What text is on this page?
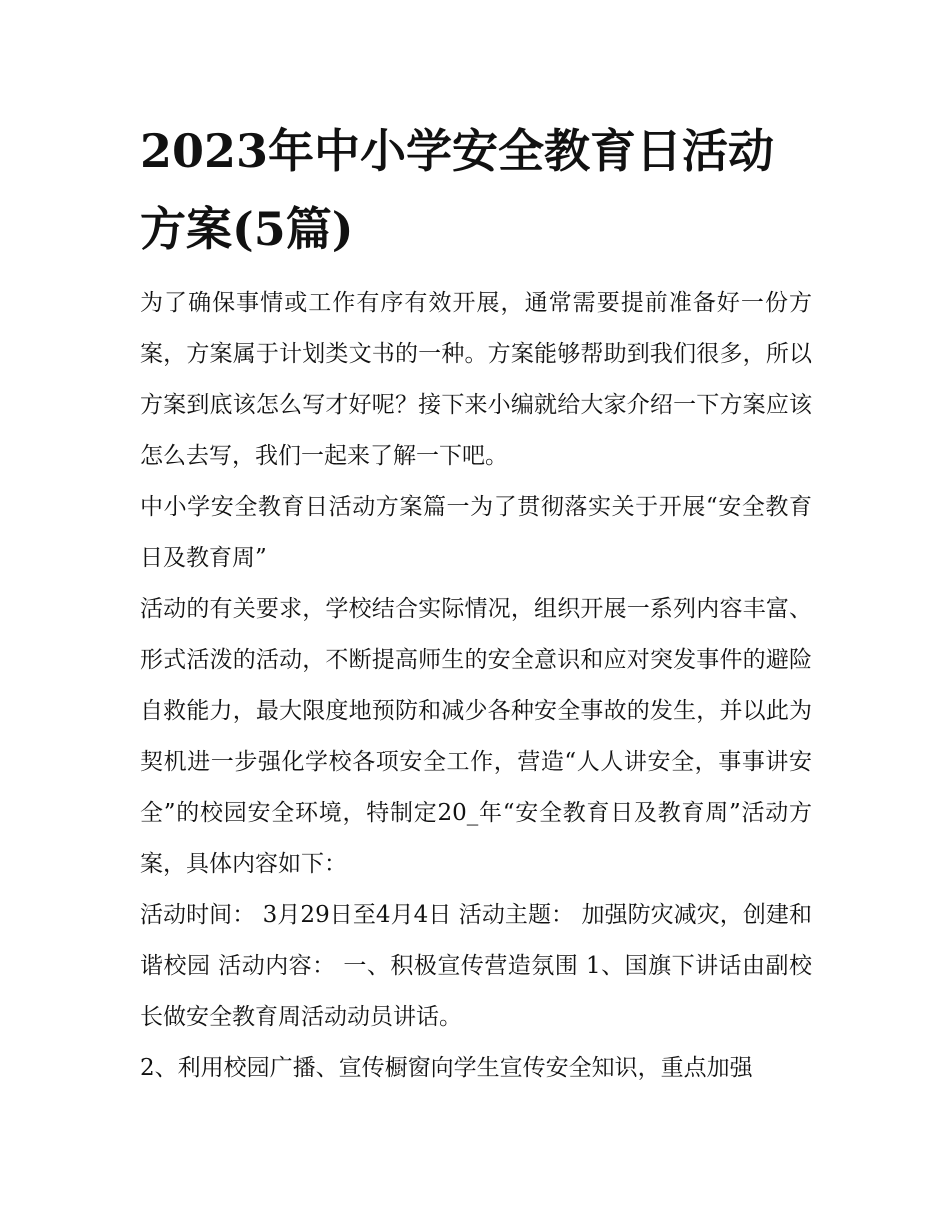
2023年中小学安全教育日活动方案(5篇)

为了确保事情或工作有序有效开展，通常需要提前准备好一份方案，方案属于计划类文书的一种。方案能够帮助到我们很多，所以方案到底该怎么写才好呢？接下来小编就给大家介绍一下方案应该怎么去写，我们一起来了解一下吧。

中小学安全教育日活动方案篇一为了贯彻落实关于开展“安全教育日及教育周”

活动的有关要求，学校结合实际情况，组织开展一系列内容丰富、形式活泼的活动，不断提高师生的安全意识和应对突发事件的避险自救能力，最大限度地预防和减少各种安全事故的发生，并以此为契机进一步强化学校各项安全工作，营造“人人讲安全，事事讲安全”的校园安全环境，特制定20_年“安全教育日及教育周”活动方案，具体内容如下：

活动时间： 3月29日至4月4日 活动主题： 加强防灾减灾，创建和谐校园 活动内容： 一、积极宣传营造氛围 1、国旗下讲话由副校长做安全教育周活动动员讲话。

2、利用校园广播、宣传橱窗向学生宣传安全知识，重点加强
